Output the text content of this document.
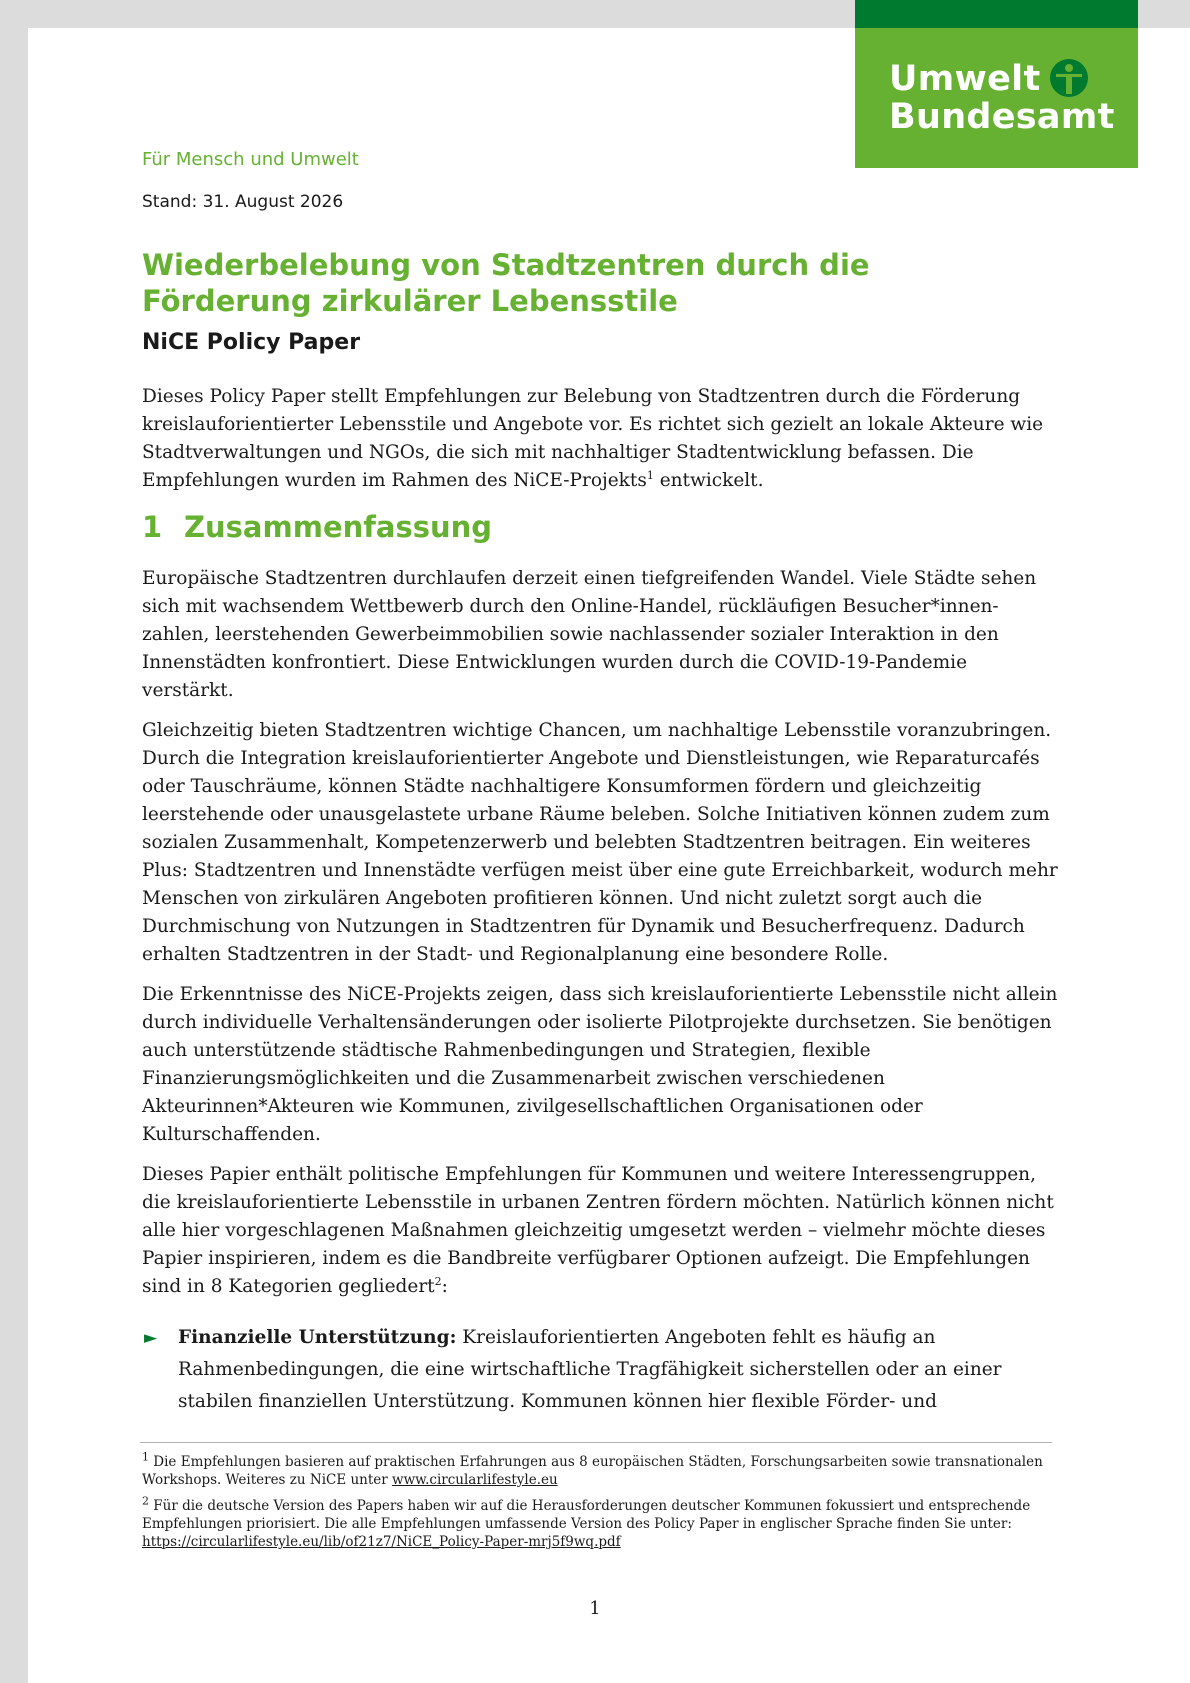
Umwelt
Bundesamt
Für Mensch und Umwelt
Stand: 31. August 2026
Wiederbelebung von Stadtzentren durch die Förderung zirkulärer Lebensstile
NiCE Policy Paper

Dieses Policy Paper stellt Empfehlungen zur Belebung von Stadtzentren durch die Förderung kreislauforientierter Lebensstile und Angebote vor. Es richtet sich gezielt an lokale Akteure wie Stadtverwaltungen und NGOs, die sich mit nachhaltiger Stadtentwicklung befassen. Die Empfehlungen wurden im Rahmen des NiCE-Projekts$^1$ entwickelt.

1 Zusammenfassung

Europäische Stadtzentren durchlaufen derzeit einen tiefgreifenden Wandel. Viele Städte sehen sich mit wachsendem Wettbewerb durch den Online-Handel, rückläufigen Besucher*innen-zahlen, leerstehenden Gewerbeimmobilien sowie nachlassender sozialer Interaktion in den Innenstädten konfrontiert. Diese Entwicklungen wurden durch die COVID-19-Pandemie verstärkt.

Gleichzeitig bieten Stadtzentren wichtige Chancen, um nachhaltige Lebensstile voranzubringen. Durch die Integration kreislauforientierter Angebote und Dienstleistungen, wie Reparaturcafés oder Tauschräume, können Städte nachhaltigere Konsumformen fördern und gleichzeitig leerstehende oder unausgelastete urbane Räume beleben. Solche Initiativen können zudem zum sozialen Zusammenhalt, Kompetenzerwerb und belebten Stadtzentren beitragen. Ein weiteres Plus: Stadtzentren und Innenstädte verfügen meist über eine gute Erreichbarkeit, wodurch mehr Menschen von zirkulären Angeboten profitieren können. Und nicht zuletzt sorgt auch die Durchmischung von Nutzungen in Stadtzentren für Dynamik und Besucherfrequenz. Dadurch erhalten Stadtzentren in der Stadt- und Regionalplanung eine besondere Rolle.

Die Erkenntnisse des NiCE-Projekts zeigen, dass sich kreislauforientierte Lebensstile nicht allein durch individuelle Verhaltensänderungen oder isolierte Pilotprojekte durchsetzen. Sie benötigen auch unterstützende städtische Rahmenbedingungen und Strategien, flexible Finanzierungsmöglichkeiten und die Zusammenarbeit zwischen verschiedenen Akteurinnen*Akteuren wie Kommunen, zivilgesellschaftlichen Organisationen oder Kulturschaffenden.

Dieses Papier enthält politische Empfehlungen für Kommunen und weitere Interessengruppen, die kreislauforientierte Lebensstile in urbanen Zentren fördern möchten. Natürlich können nicht alle hier vorgeschlagenen Maßnahmen gleichzeitig umgesetzt werden – vielmehr möchte dieses Papier inspirieren, indem es die Bandbreite verfügbarer Optionen aufzeigt. Die Empfehlungen sind in 8 Kategorien gegliedert$^2$:

► Finanzielle Unterstützung: Kreislauforientierten Angeboten fehlt es häufig an Rahmenbedingungen, die eine wirtschaftliche Tragfähigkeit sicherstellen oder an einer stabilen finanziellen Unterstützung. Kommunen können hier flexible Förder- und

$^1$ Die Empfehlungen basieren auf praktischen Erfahrungen aus 8 europäischen Städten, Forschungsarbeiten sowie transnationalen Workshops. Weiteres zu NiCE unter www.circularlifestyle.eu

$^2$ Für die deutsche Version des Papers haben wir auf die Herausforderungen deutscher Kommunen fokussiert und entsprechende Empfehlungen priorisiert. Die alle Empfehlungen umfassende Version des Policy Paper in englischer Sprache finden Sie unter: https://circularlifestyle.eu/lib/of21z7/NiCE_Policy-Paper-mrj5f9wq.pdf

1
